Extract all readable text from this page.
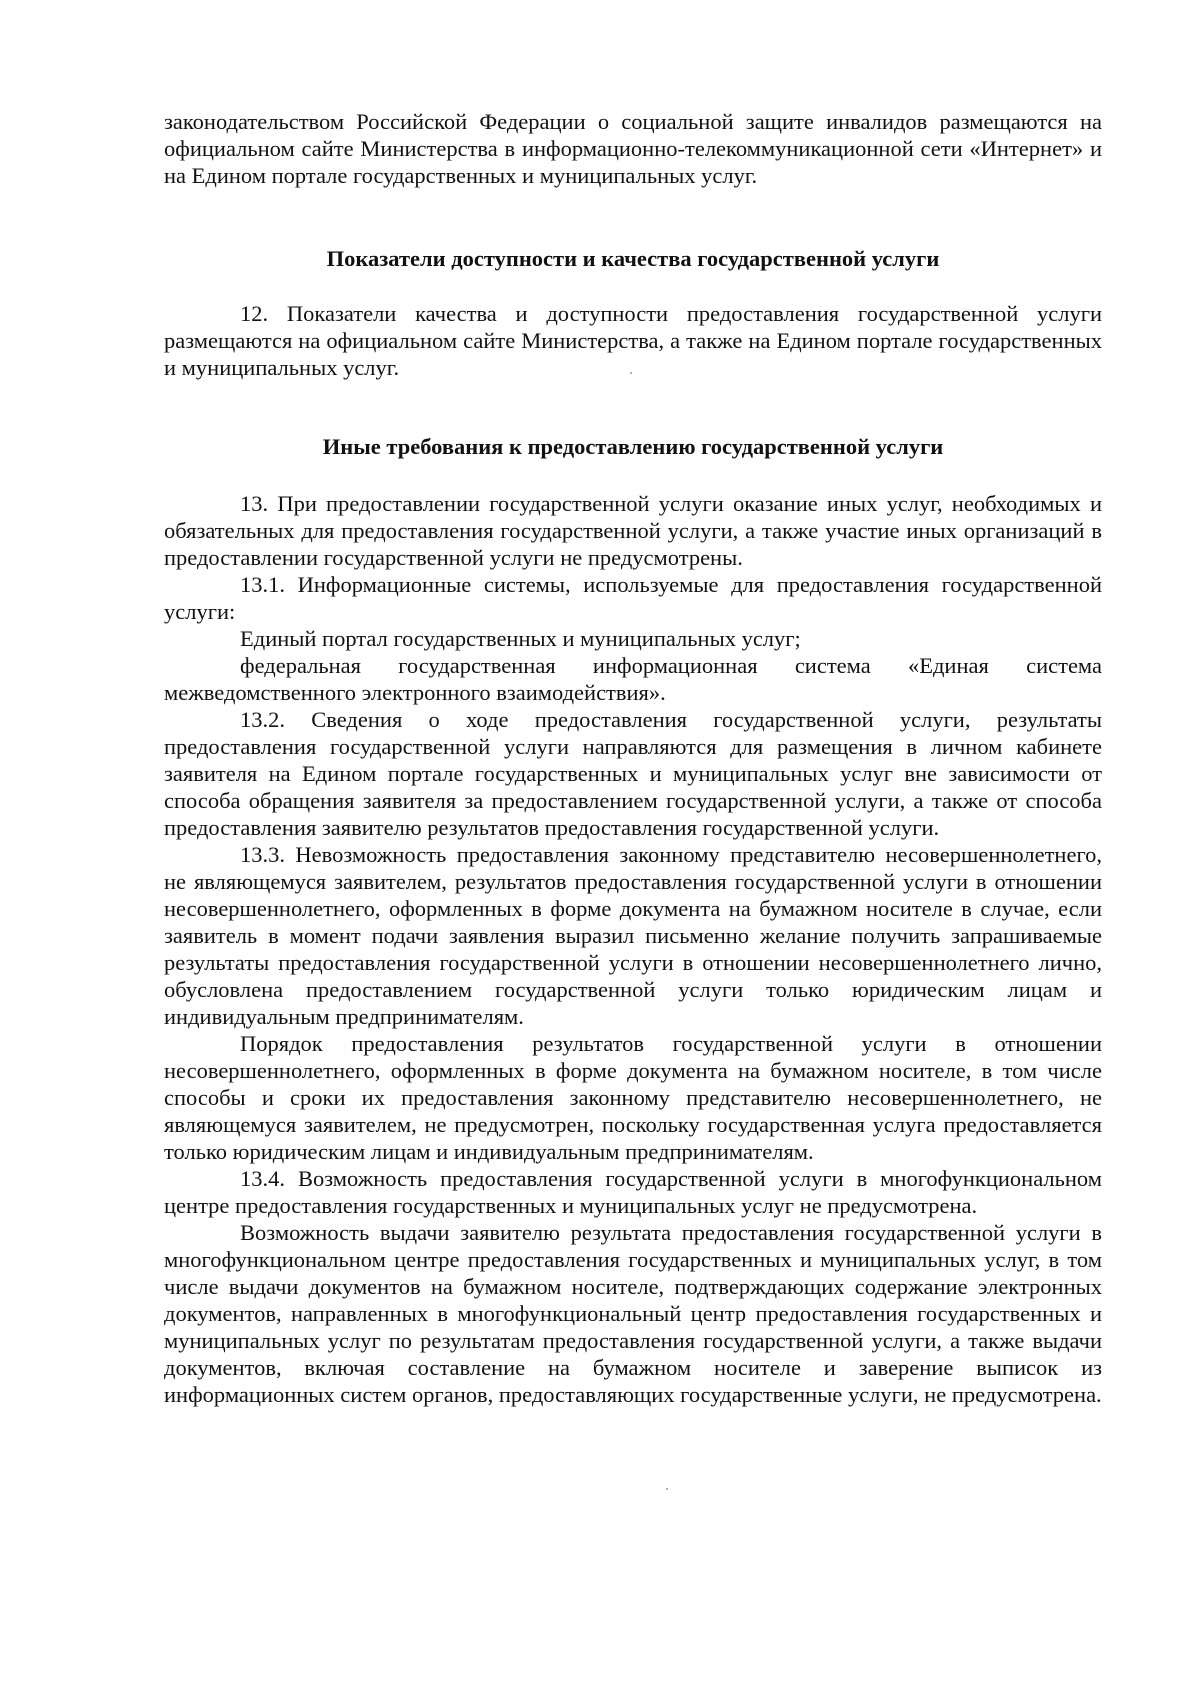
законодательством Российской Федерации о социальной защите инвалидов размещаются на официальном сайте Министерства в информационно-телекоммуникационной сети «Интернет» и на Едином портале государственных и муниципальных услуг.

Показатели доступности и качества государственной услуги

12. Показатели качества и доступности предоставления государственной услуги размещаются на официальном сайте Министерства, а также на Едином портале государственных и муниципальных услуг.

Иные требования к предоставлению государственной услуги

13. При предоставлении государственной услуги оказание иных услуг, необходимых и обязательных для предоставления государственной услуги, а также участие иных организаций в предоставлении государственной услуги не предусмотрены.

13.1. Информационные системы, используемые для предоставления государственной услуги:

Единый портал государственных и муниципальных услуг;

федеральная государственная информационная система «Единая система межведомственного электронного взаимодействия».

13.2. Сведения о ходе предоставления государственной услуги, результаты предоставления государственной услуги направляются для размещения в личном кабинете заявителя на Едином портале государственных и муниципальных услуг вне зависимости от способа обращения заявителя за предоставлением государственной услуги, а также от способа предоставления заявителю результатов предоставления государственной услуги.

13.3. Невозможность предоставления законному представителю несовершеннолетнего, не являющемуся заявителем, результатов предоставления государственной услуги в отношении несовершеннолетнего, оформленных в форме документа на бумажном носителе в случае, если заявитель в момент подачи заявления выразил письменно желание получить запрашиваемые результаты предоставления государственной услуги в отношении несовершеннолетнего лично, обусловлена предоставлением государственной услуги только юридическим лицам и индивидуальным предпринимателям.

Порядок предоставления результатов государственной услуги в отношении несовершеннолетнего, оформленных в форме документа на бумажном носителе, в том числе способы и сроки их предоставления законному представителю несовершеннолетнего, не являющемуся заявителем, не предусмотрен, поскольку государственная услуга предоставляется только юридическим лицам и индивидуальным предпринимателям.

13.4. Возможность предоставления государственной услуги в многофункциональном центре предоставления государственных и муниципальных услуг не предусмотрена.

Возможность выдачи заявителю результата предоставления государственной услуги в многофункциональном центре предоставления государственных и муниципальных услуг, в том числе выдачи документов на бумажном носителе, подтверждающих содержание электронных документов, направленных в многофункциональный центр предоставления государственных и муниципальных услуг по результатам предоставления государственной услуги, а также выдачи документов, включая составление на бумажном носителе и заверение выписок из информационных систем органов, предоставляющих государственные услуги, не предусмотрена.
